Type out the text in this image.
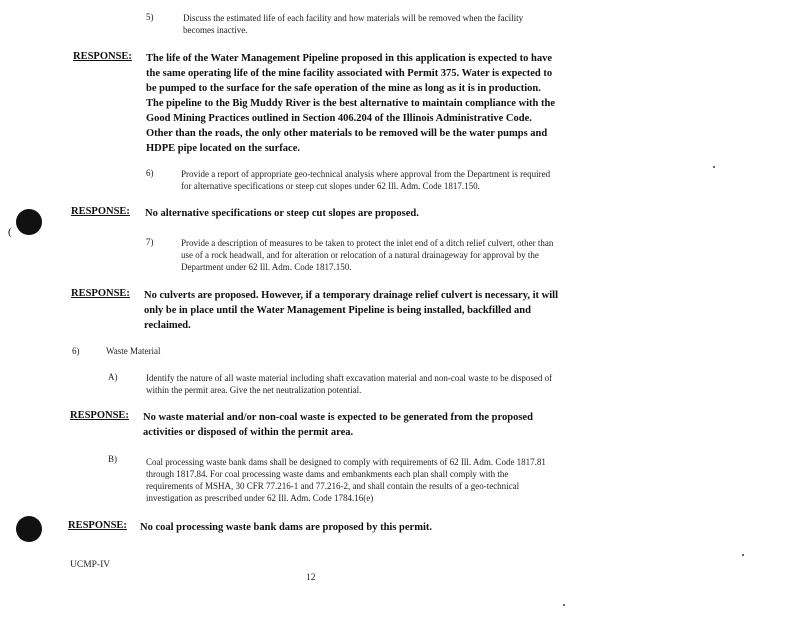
(
5)	Discuss the estimated life of each facility and how materials will be removed when the facility becomes inactive.
RESPONSE: The life of the Water Management Pipeline proposed in this application is expected to have the same operating life of the mine facility associated with Permit 375. Water is expected to be pumped to the surface for the safe operation of the mine as long as it is in production. The pipeline to the Big Muddy River is the best alternative to maintain compliance with the Good Mining Practices outlined in Section 406.204 of the Illinois Administrative Code. Other than the roads, the only other materials to be removed will be the water pumps and HDPE pipe located on the surface.
6)	Provide a report of appropriate geo-technical analysis where approval from the Department is required for alternative specifications or steep cut slopes under 62 Ill. Adm. Code 1817.150.
RESPONSE: No alternative specifications or steep cut slopes are proposed.
7)	Provide a description of measures to be taken to protect the inlet end of a ditch relief culvert, other than use of a rock headwall, and for alteration or relocation of a natural drainageway for approval by the Department under 62 Ill. Adm. Code 1817.150.
RESPONSE: No culverts are proposed. However, if a temporary drainage relief culvert is necessary, it will only be in place until the Water Management Pipeline is being installed, backfilled and reclaimed.
6)	Waste Material
A)	Identify the nature of all waste material including shaft excavation material and non-coal waste to be disposed of within the permit area. Give the net neutralization potential.
RESPONSE: No waste material and/or non-coal waste is expected to be generated from the proposed activities or disposed of within the permit area.
B)	Coal processing waste bank dams shall be designed to comply with requirements of 62 Ill. Adm. Code 1817.81 through 1817.84. For coal processing waste dams and embankments each plan shall comply with the requirements of MSHA, 30 CFR 77.216-1 and 77.216-2, and shall contain the results of a geo-technical investigation as prescribed under 62 Ill. Adm. Code 1784.16(e)
RESPONSE: No coal processing waste bank dams are proposed by this permit.
UCMP-IV
12
